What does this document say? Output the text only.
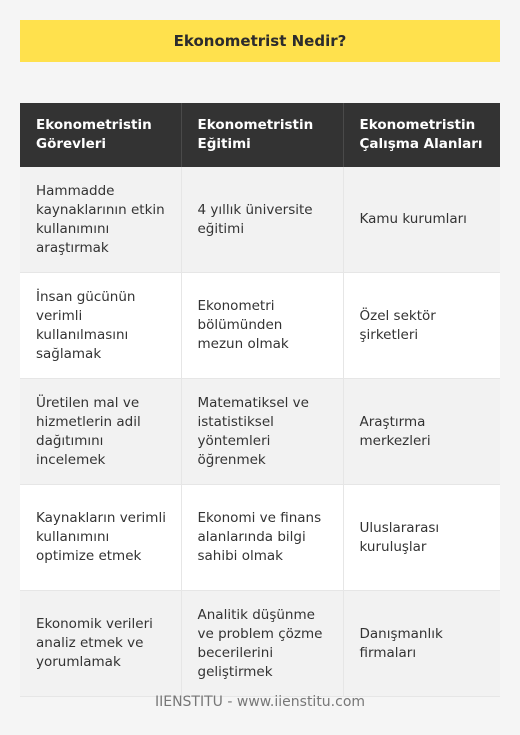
Ekonometrist Nedir?
Ekonometristin Görevleri	Ekonometristin Eğitimi	Ekonometristin Çalışma Alanları
Hammadde kaynaklarının etkin kullanımını araştırmak	4 yıllık üniversite eğitimi	Kamu kurumları
İnsan gücünün verimli kullanılmasını sağlamak	Ekonometri bölümünden mezun olmak	Özel sektör şirketleri
Üretilen mal ve hizmetlerin adil dağıtımını incelemek	Matematiksel ve istatistiksel yöntemleri öğrenmek	Araştırma merkezleri
Kaynakların verimli kullanımını optimize etmek	Ekonomi ve finans alanlarında bilgi sahibi olmak	Uluslararası kuruluşlar
Ekonomik verileri analiz etmek ve yorumlamak	Analitik düşünme ve problem çözme becerilerini geliştirmek	Danışmanlık firmaları
IIENSTITU - www.iienstitu.com
